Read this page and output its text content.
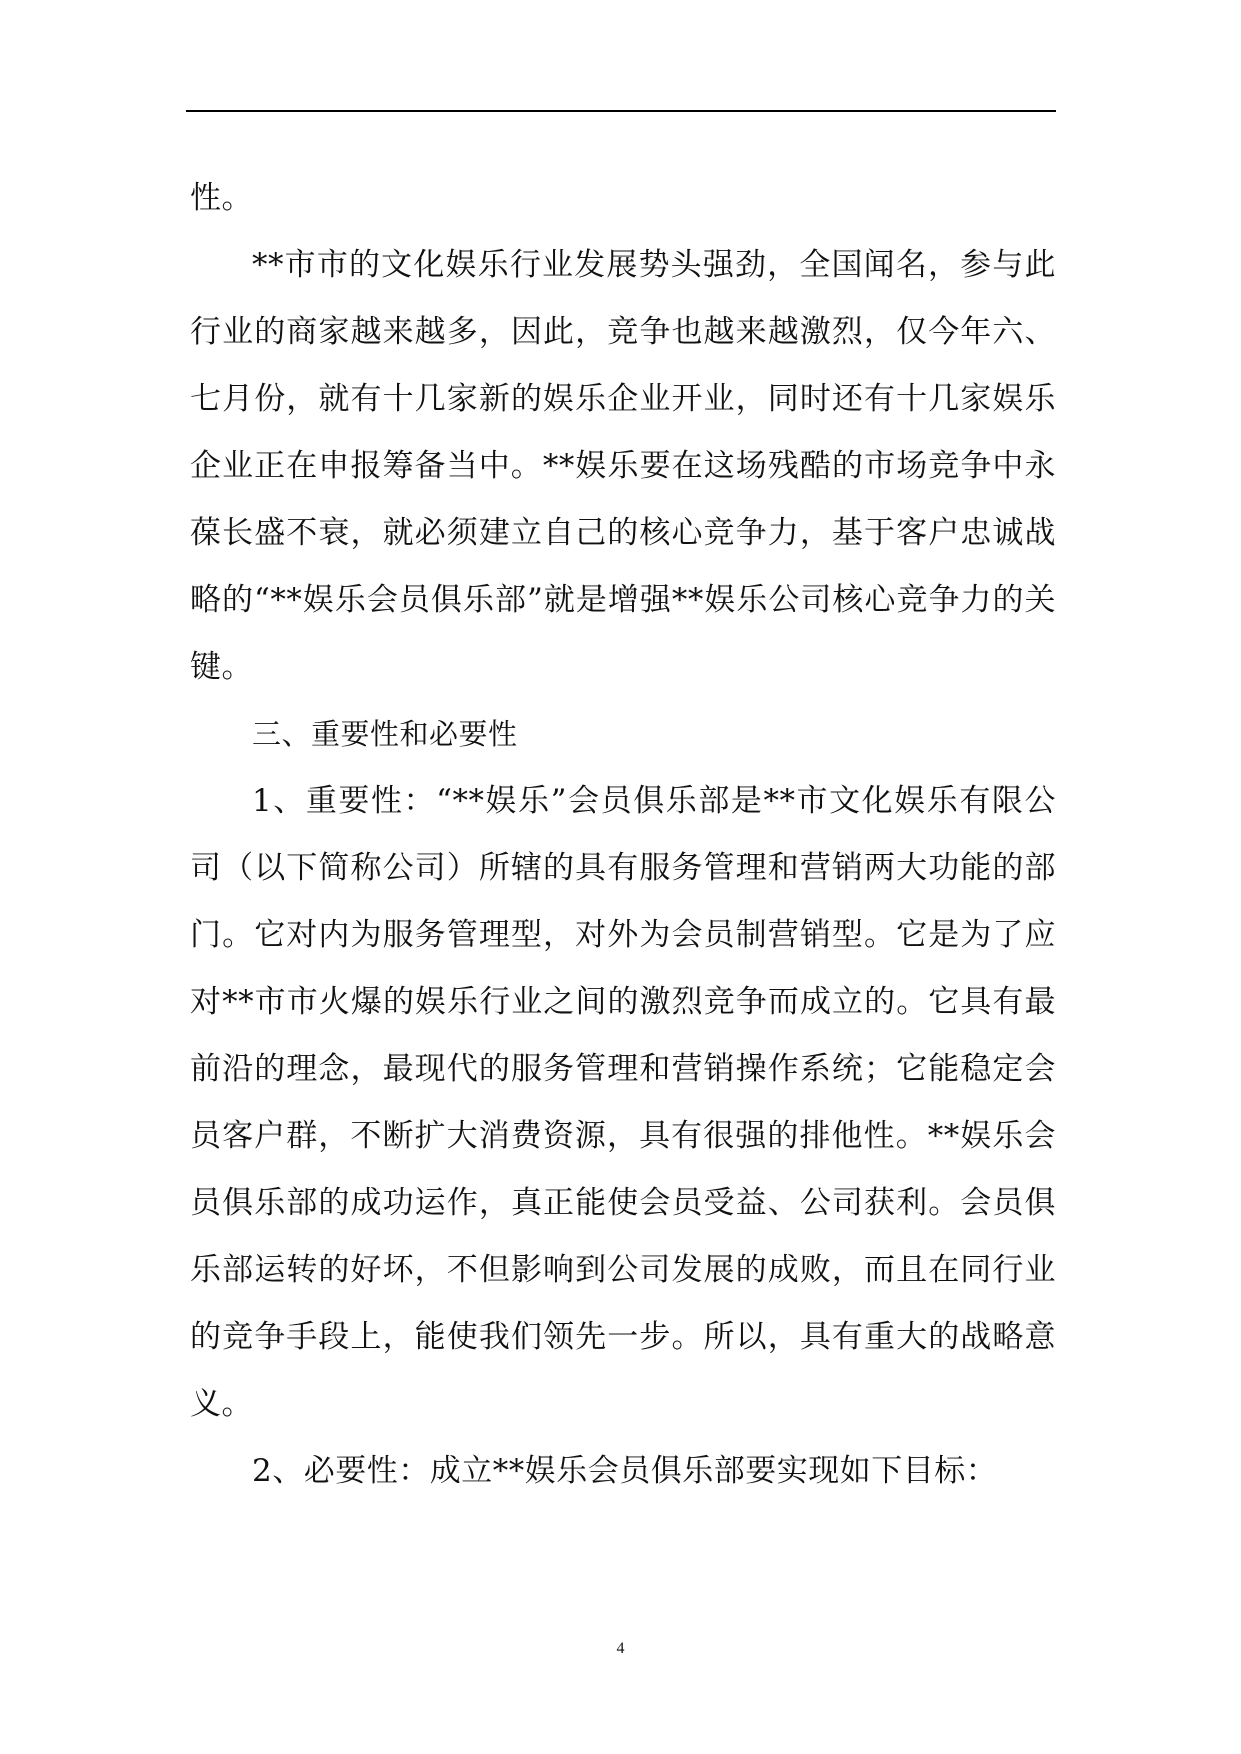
性。

**市市的文化娱乐行业发展势头强劲，全国闻名，参与此行业的商家越来越多，因此，竞争也越来越激烈，仅今年六、七月份，就有十几家新的娱乐企业开业，同时还有十几家娱乐企业正在申报筹备当中。**娱乐要在这场残酷的市场竞争中永葆长盛不衰，就必须建立自己的核心竞争力，基于客户忠诚战略的“**娱乐会员俱乐部”就是增强**娱乐公司核心竞争力的关键。

三、重要性和必要性

1、重要性：“**娱乐”会员俱乐部是**市文化娱乐有限公司（以下简称公司）所辖的具有服务管理和营销两大功能的部门。它对内为服务管理型，对外为会员制营销型。它是为了应对**市市火爆的娱乐行业之间的激烈竞争而成立的。它具有最前沿的理念，最现代的服务管理和营销操作系统；它能稳定会员客户群，不断扩大消费资源，具有很强的排他性。**娱乐会员俱乐部的成功运作，真正能使会员受益、公司获利。会员俱乐部运转的好坏，不但影响到公司发展的成败，而且在同行业的竞争手段上，能使我们领先一步。所以，具有重大的战略意义。

2、必要性：成立**娱乐会员俱乐部要实现如下目标：

4
